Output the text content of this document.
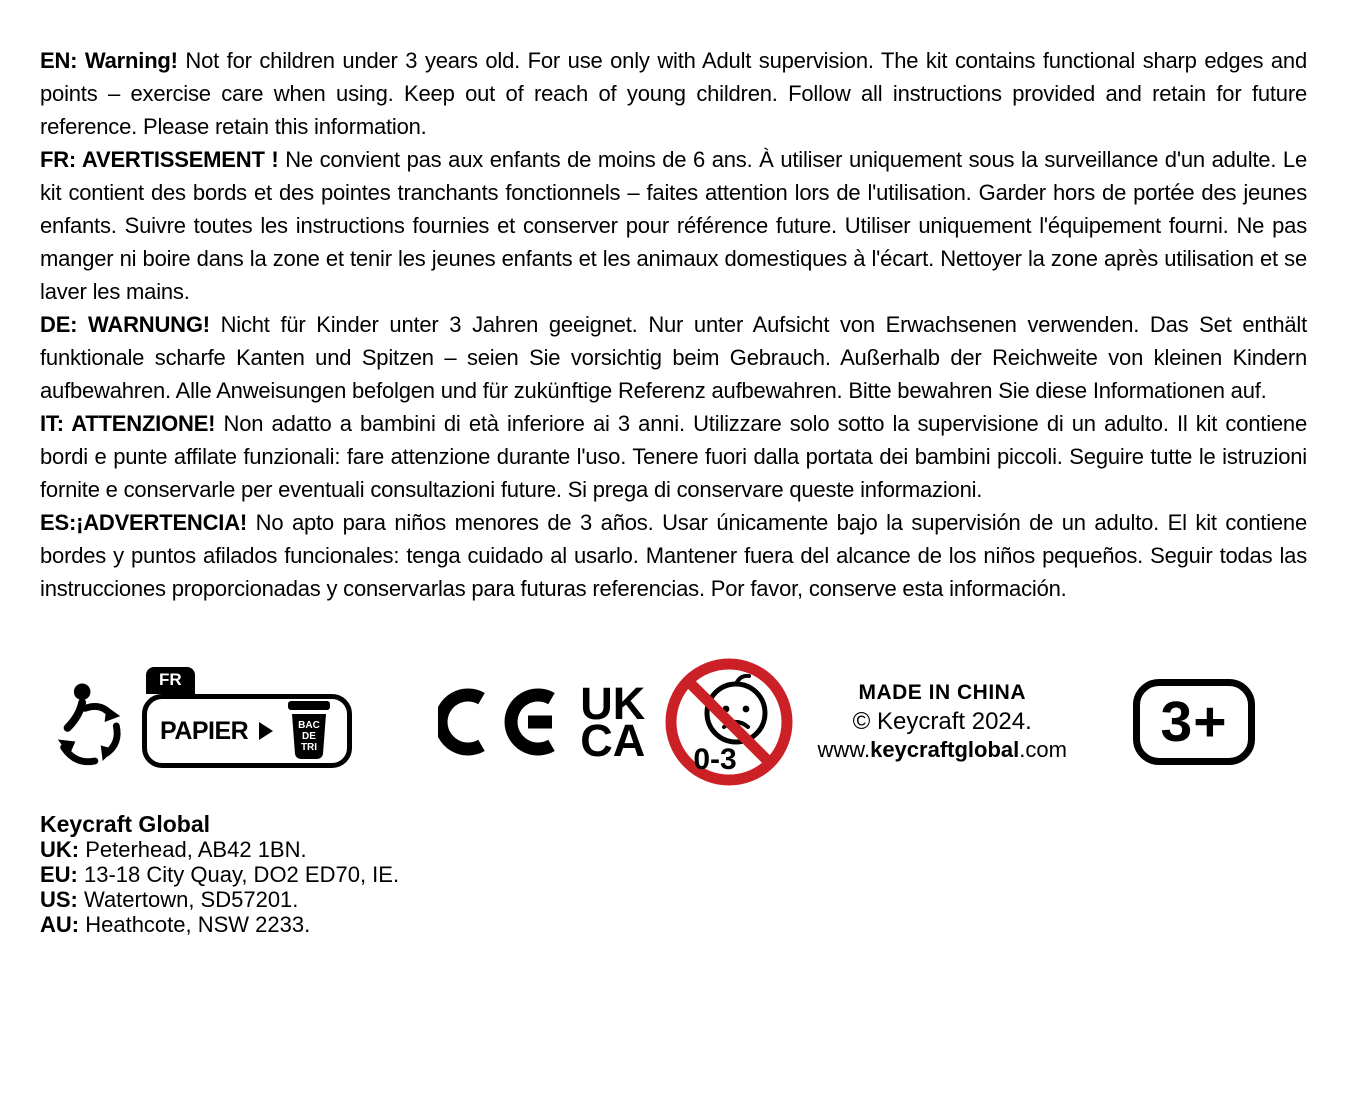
EN: Warning! Not for children under 3 years old. For use only with Adult supervision. The kit contains functional sharp edges and points – exercise care when using. Keep out of reach of young children. Follow all instructions provided and retain for future reference. Please retain this information.

FR: AVERTISSEMENT ! Ne convient pas aux enfants de moins de 6 ans. À utiliser uniquement sous la surveillance d'un adulte. Le kit contient des bords et des pointes tranchants fonctionnels – faites attention lors de l'utilisation. Garder hors de portée des jeunes enfants. Suivre toutes les instructions fournies et conserver pour référence future. Utiliser uniquement l'équipement fourni. Ne pas manger ni boire dans la zone et tenir les jeunes enfants et les animaux domestiques à l'écart. Nettoyer la zone après utilisation et se laver les mains.

DE: WARNUNG! Nicht für Kinder unter 3 Jahren geeignet. Nur unter Aufsicht von Erwachsenen verwenden. Das Set enthält funktionale scharfe Kanten und Spitzen – seien Sie vorsichtig beim Gebrauch. Außerhalb der Reichweite von kleinen Kindern aufbewahren. Alle Anweisungen befolgen und für zukünftige Referenz aufbewahren. Bitte bewahren Sie diese Informationen auf.

IT: ATTENZIONE! Non adatto a bambini di età inferiore ai 3 anni. Utilizzare solo sotto la supervisione di un adulto. Il kit contiene bordi e punte affilate funzionali: fare attenzione durante l'uso. Tenere fuori dalla portata dei bambini piccoli. Seguire tutte le istruzioni fornite e conservarle per eventuali consultazioni future. Si prega di conservare queste informazioni.

ES:¡ADVERTENCIA! No apto para niños menores de 3 años. Usar únicamente bajo la supervisión de un adulto. El kit contiene bordes y puntos afilados funcionales: tenga cuidado al usarlo. Mantener fuera del alcance de los niños pequeños. Seguir todas las instrucciones proporcionadas y conservarlas para futuras referencias. Por favor, conserve esta información.

FR
PAPIER	BAC
DE
TRI
UK
CA 0-3
MADE IN CHINA
© Keycraft 2024.
www.keycraftglobal.com 3+
Keycraft Global
UK: Peterhead, AB42 1BN.
EU: 13-18 City Quay, DO2 ED70, IE.
US: Watertown, SD57201.
AU: Heathcote, NSW 2233.
